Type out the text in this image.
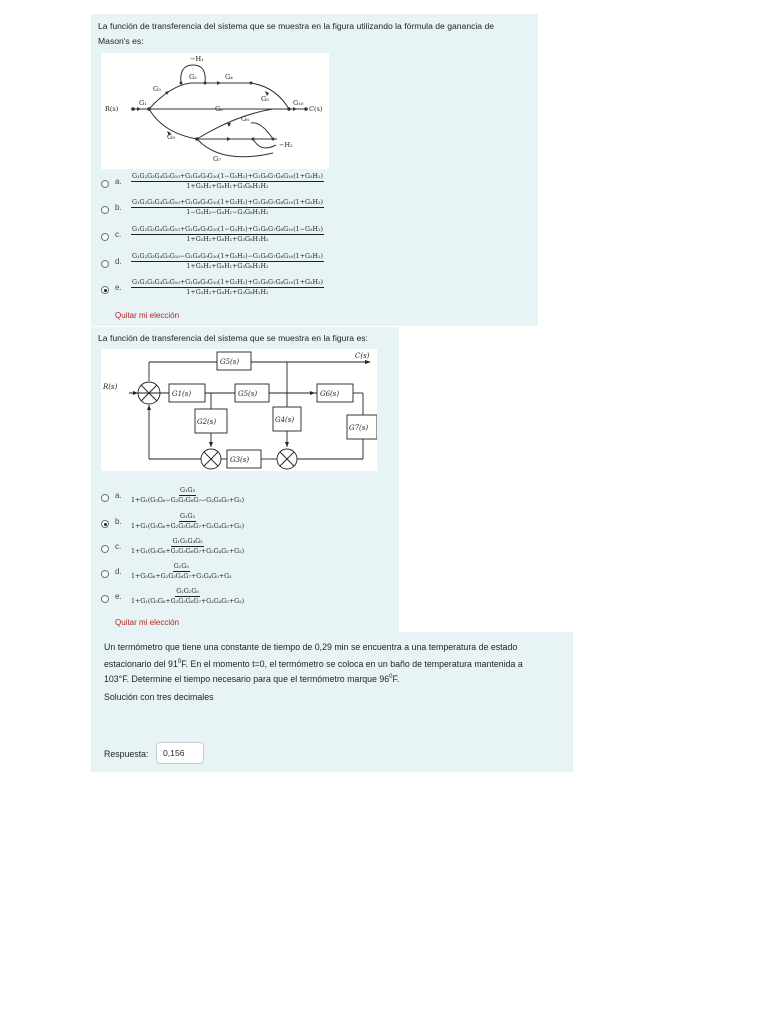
La función de transferencia del sistema que se muestra en la figura utilizando la fórmula de ganancia de Mason's es:
R(s)	C(s)
−H₁
G₂
G₃
G₄
G₅
G₆
G₇
G₈
G₉
G₁₀
G₁
−H₂
a. $\frac{\text{G₁G₂G₃G₄G₅G₁₀+G₁G₆G₉G₁₀(1−G₃H₂)+G₁G₆G₇G₈G₁₀(1+G₃H₂)}}{\text{1+G₃H₂+G₈H₁+G₃G₈H₁H₂}}$
b. $\frac{\text{G₁G₂G₃G₄G₅G₁₀+G₁G₆G₉G₁₀(1+G₃H₂)+G₁G₆G₇G₈G₁₀(1+G₃H₂)}}{\text{1−G₃H₂−G₈H₁−G₃G₈H₁H₂}}$
c. $\frac{\text{G₁G₂G₃G₄G₅G₁₀+G₁G₆G₉G₁₀(1−G₃H₂)+G₁G₆G₇G₈G₁₀(1−G₃H₂)}}{\text{1+G₃H₂+G₈H₁+G₃G₈H₁H₂}}$
d. $\frac{\text{G₁G₂G₃G₄G₅G₁₀−G₁G₆G₉G₁₀(1+G₃H₂)−G₁G₆G₇G₈G₁₀(1+G₃H₂)}}{\text{1+G₃H₂+G₈H₁+G₃G₈H₁H₂}}$
e. $\frac{\text{G₁G₂G₃G₄G₅G₁₀+G₁G₆G₉G₁₀(1+G₃H₂)+G₁G₆G₇G₈G₁₀(1+G₃H₂)}}{\text{1+G₃H₂+G₈H₁+G₃G₈H₁H₂}}$
Quitar mi elección
La función de transferencia del sistema que se muestra en la figura es:
R(s)
C(s)
G5(s)
G1(s)	G5(s)	G6(s)
G2(s)	G4(s)
G7(s)
G3(s)
a. $\frac{\text{G₁G₅}}{\text{1+G₁(G₅G₆−G₂G₃G₆G₇−G₂G₄G₅+G₂)}}$
b. $\frac{\text{G₁G₅}}{\text{1+G₁(G₅G₆+G₂G₃G₆G₇+G₂G₄G₅+G₂)}}$
c. $\frac{\text{G₁G₂G₄G₅}}{\text{1+G₁(G₅G₆+G₂G₃G₆G₇+G₂G₄G₅+G₂)}}$
d. $\frac{\text{G₁G₅}}{\text{1+G₅G₆+G₂G₃G₆G₇+G₂G₄G₅+G₂}}$
e. $\frac{\text{G₁G₂G₅}}{\text{1+G₁(G₅G₆+G₂G₃G₆G₇+G₂G₄G₅+G₂)}}$
Quitar mi elección
Un termómetro que tiene una constante de tiempo de 0,29 min se encuentra a una temperatura de estado
estacionario del $91^0F$. En el momento t=0, el termómetro se coloca en un baño de temperatura mantenida a
103°F. Determine el tiempo necesario para que el termómetro marque $96^0F$.
Solución con tres decimales
Respuesta:
0,156
